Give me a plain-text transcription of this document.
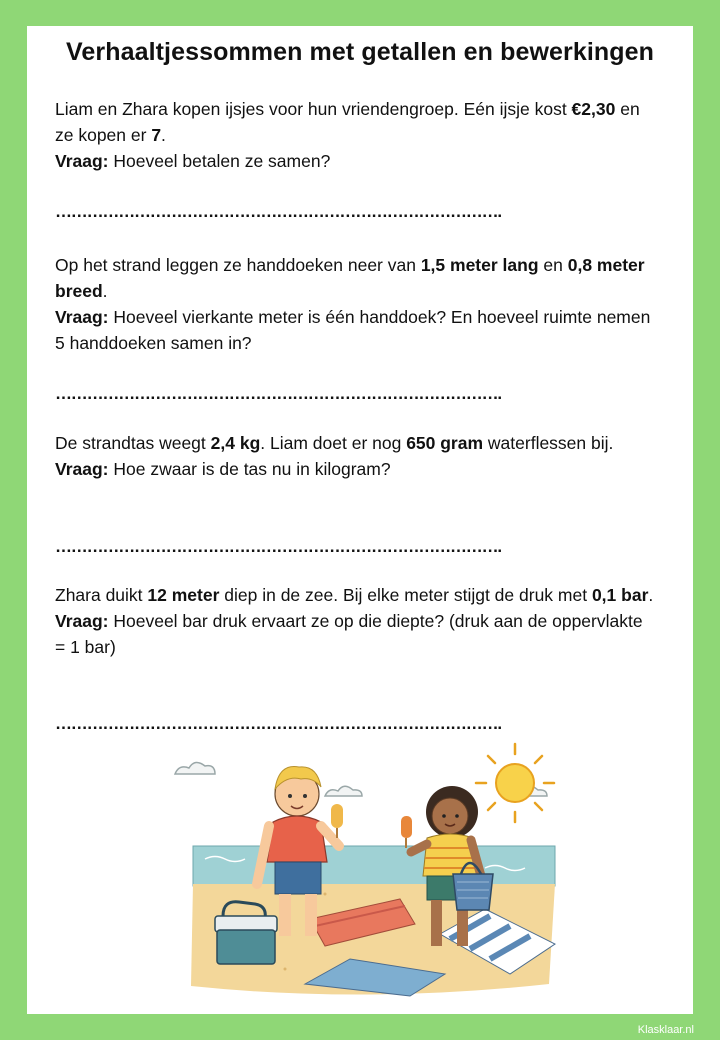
Verhaaltjessommen met getallen en bewerkingen
Liam en Zhara kopen ijsjes voor hun vriendengroep. Eén ijsje kost €2,30 en ze kopen er 7.
Vraag: Hoeveel betalen ze samen?
………………………………………………………………………….
Op het strand leggen ze handdoeken neer van 1,5 meter lang en 0,8 meter breed.
Vraag: Hoeveel vierkante meter is één handdoek? En hoeveel ruimte nemen 5 handdoeken samen in?
………………………………………………………………………….
De strandtas weegt 2,4 kg. Liam doet er nog 650 gram waterflessen bij.
Vraag: Hoe zwaar is de tas nu in kilogram?
………………………………………………………………………….
Zhara duikt 12 meter diep in de zee. Bij elke meter stijgt de druk met 0,1 bar.
Vraag: Hoeveel bar druk ervaart ze op die diepte? (druk aan de oppervlakte = 1 bar)
………………………………………………………………………….
Klasklaar.nl
